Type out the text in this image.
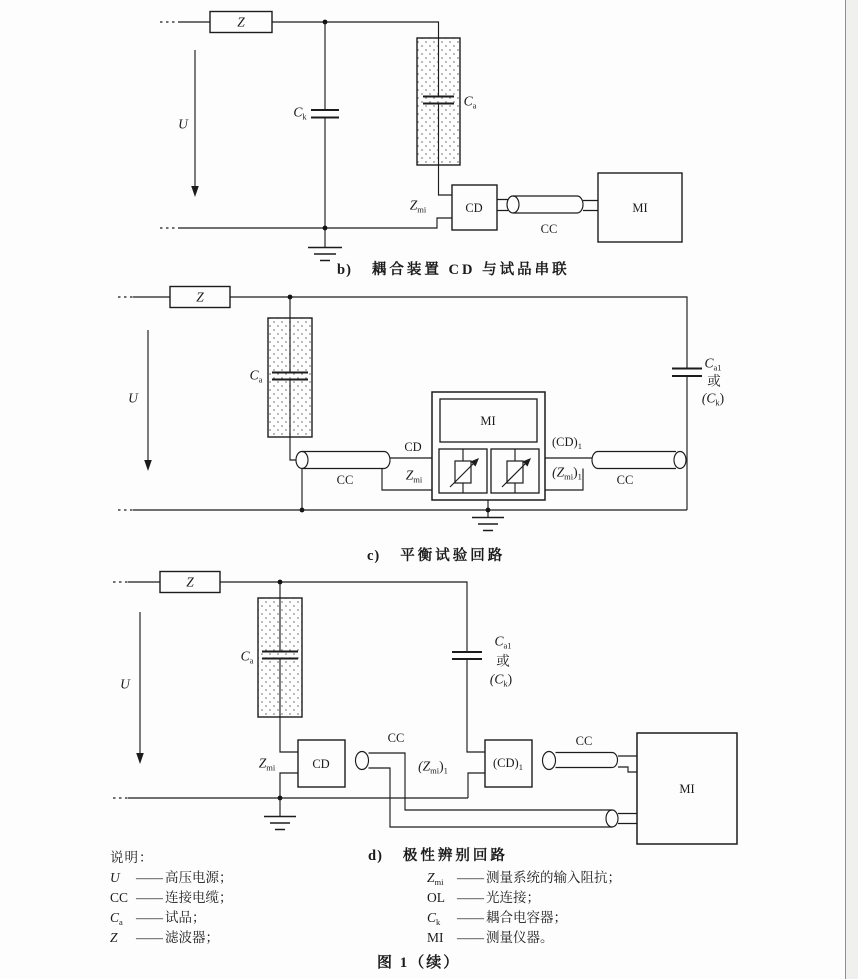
Z
U
$C_k$
$C_a$
$Z_{mi}$	CD
CC
MI
Z
U
$C_a$
CC
CD
$Z_{mi}$
MI
$(CD)_1$
$(Z_{mi})_1$	CC
$C_{a1}$
或
$(C_k)$
Z
U
$C_a$
$Z_{mi}$	CD
CC
$(Z_{mi})_1$
$(CD)_1$
CC
$C_{a1}$
或
$(C_k)$
MI
b) 耦合装置 CD 与试品串联
c) 平衡试验回路
d) 极性辨别回路
说明：
U —— 高压电源；
CC —— 连接电缆；
$C_a$ —— 试品；
Z —— 滤波器；
$Z_{mi}$ —— 测量系统的输入阻抗；
OL —— 光连接；
$C_k$ —— 耦合电容器；
MI —— 测量仪器。
图 1（续）
